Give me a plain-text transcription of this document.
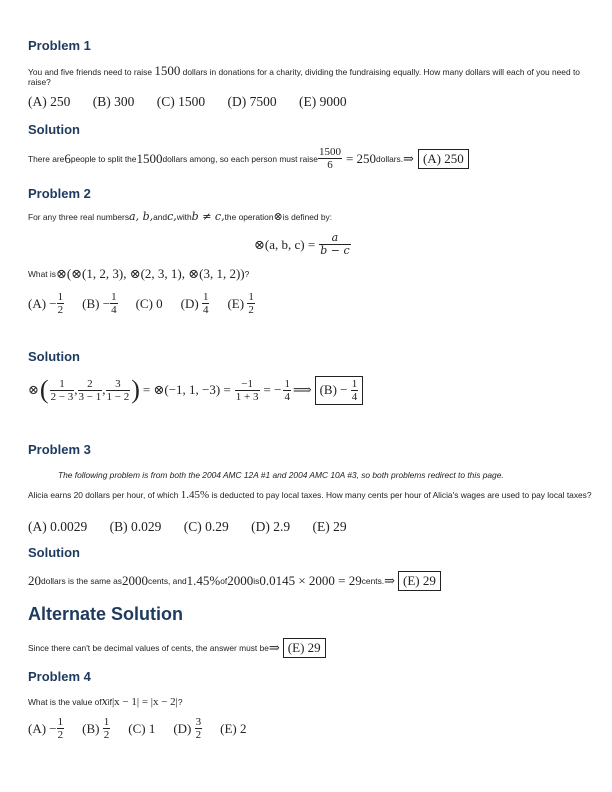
Problem 1
You and five friends need to raise 1500 dollars in donations for a charity, dividing the fundraising equally. How many dollars will each of you need to raise?
(A) 250 (B) 300 (C) 1500 (D) 7500 (E) 9000
Solution
There are 6 people to split the 1500 dollars among, so each person must raise $\frac{1500}{6} = 250$ dollars. ⇒ (A) 250
Problem 2
For any three real numbers a, b, and c, with b ≠ c, the operation ⊗ is defined by:
⊗(a, b, $c) = \frac{a}{b - c}$
What is ⊗(⊗(1, 2, 3), ⊗(2, 3, 1), ⊗(3, 1, 2)) ?
(A)
− $\frac{1}{2} (B)$
− $\frac{1}{4} (C)$ 0 (D)
$\frac{1}{4} (E)$
$\frac{1}{2}$
Solution
⊗ ( $\frac{1}{2 - 3}$ , $\frac{2}{3 - 1}$ , $\frac{3}{1 - 2}$ ) = ⊗(−1, 1, $-3) = \frac{-1}{1 + 3}$ = − $\frac{1}{4}$ ⟹ (B) −
$\frac{1}{4}$
Problem 3
The following problem is from both the 2004 AMC 12A #1 and 2004 AMC 10A #3, so both problems redirect to this page.
Alicia earns 20 dollars per hour, of which 1.45% is deducted to pay local taxes. How many cents per hour of Alicia's wages are used to pay local taxes?
(A) 0.0029 (B) 0.029 (C) 0.29 (D) 2.9 (E) 29
Solution
20 dollars is the same as 2000 cents, and 1.45% of 2000 is 0.0145 × 2000 = 29 cents. ⇒ (E) 29
Alternate Solution
Since there can't be decimal values of cents, the answer must be ⇒ (E) 29
Problem 4
What is the value of x if |x − 1| = |x − 2| ?
(A)
− $\frac{1}{2} (B)$
$\frac{1}{2} (C)$ 1 (D)
$\frac{3}{2} (E)$ 2
